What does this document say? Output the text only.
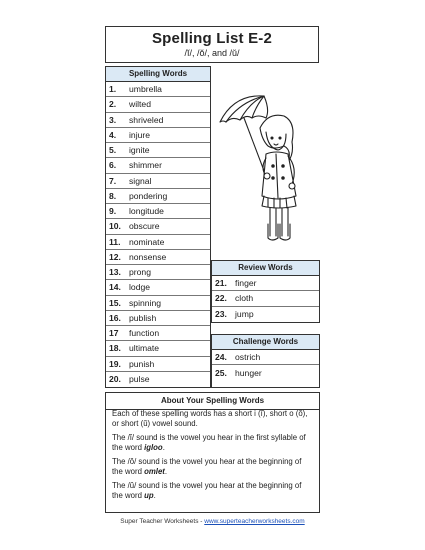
Spelling List E-2
/ĭ/, /ŏ/, and /ŭ/
Spelling Words
1.	umbrella
2.	wilted
3.	shriveled
4.	injure
5.	ignite
6.	shimmer
7.	signal
8.	pondering
9.	longitude
10. obscure
11. nominate
12. nonsense
13. prong
14. lodge
15. spinning
16. publish
17	function
18. ultimate
19. punish
20. pulse
Review Words
21. finger
22. cloth
23. jump
Challenge Words
24. ostrich
25. hunger
About Your Spelling Words
Each of these spelling words has a short i (ĭ), short o (ŏ), or short (ŭ) vowel sound.
The /ĭ/ sound is the vowel you hear in the first syllable of the word igloo.
The /ŏ/ sound is the vowel you hear at the beginning of the word omlet.
The /ŭ/ sound is the vowel you hear at the beginning of the word up.
Super Teacher Worksheets - www.superteacherworksheets.com
